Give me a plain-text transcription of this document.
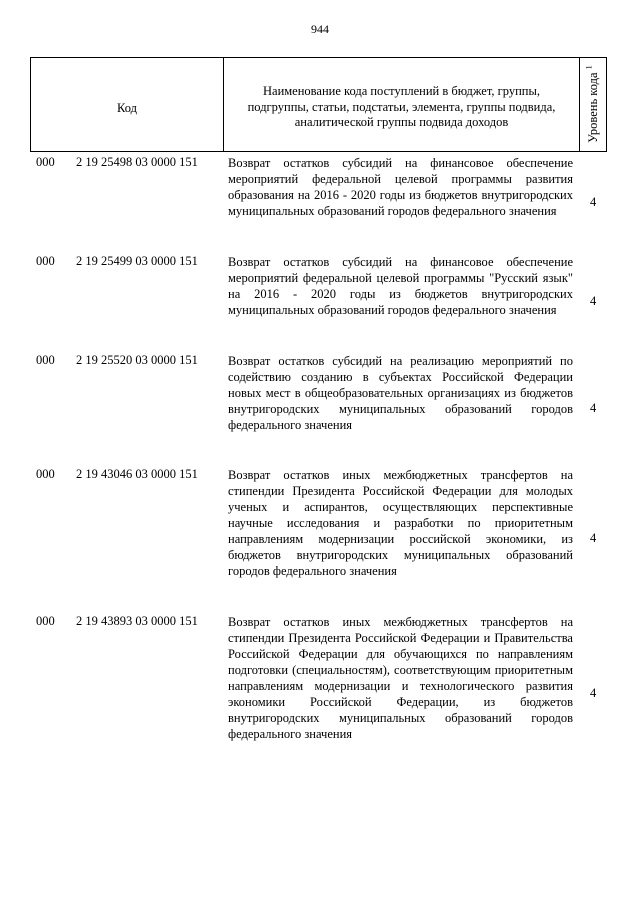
944
Код
Наименование кода поступлений в бюджет, группы, подгруппы, статьи, подстатьи, элемента, группы подвида, аналитической группы подвида доходов	Уровень кода $^1$
000 2 19 25498 03 0000 151 Возврат остатков субсидий на финансовое обеспечение мероприятий федеральной целевой программы развития образования на 2016 - 2020 годы из бюджетов внутригородских муниципальных образований городов федерального значения
4
000 2 19 25499 03 0000 151 Возврат остатков субсидий на финансовое обеспечение мероприятий федеральной целевой программы "Русский язык" на 2016 - 2020 годы из бюджетов внутригородских муниципальных образований городов федерального значения
4
000 2 19 25520 03 0000 151 Возврат остатков субсидий на реализацию мероприятий по содействию созданию в субъектах Российской Федерации новых мест в общеобразовательных организациях из бюджетов внутригородских муниципальных образований городов федерального значения
4
000 2 19 43046 03 0000 151 Возврат остатков иных межбюджетных трансфертов на стипендии Президента Российской Федерации для молодых ученых и аспирантов, осуществляющих перспективные научные исследования и разработки по приоритетным направлениям модернизации российской экономики, из бюджетов внутригородских муниципальных образований городов федерального значения
4
000 2 19 43893 03 0000 151 Возврат остатков иных межбюджетных трансфертов на стипендии Президента Российской Федерации и Правительства Российской Федерации для обучающихся по направлениям подготовки (специальностям), соответствующим приоритетным направлениям модернизации и технологического развития экономики Российской Федерации, из бюджетов внутригородских муниципальных образований городов федерального значения
4
